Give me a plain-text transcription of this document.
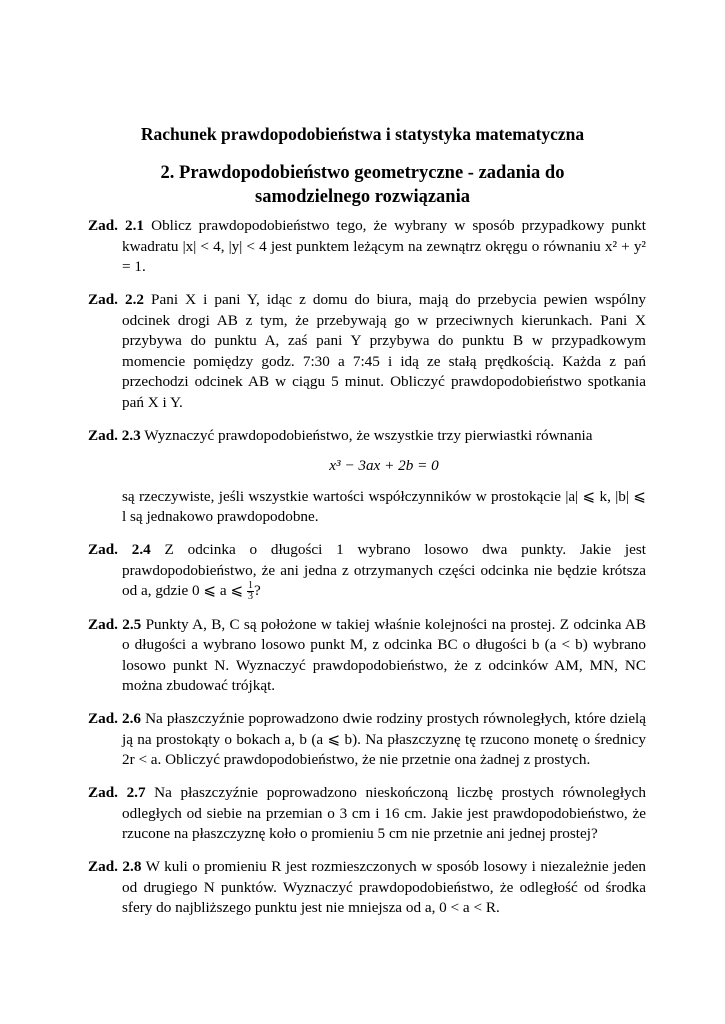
Rachunek prawdopodobieństwa i statystyka matematyczna
2. Prawdopodobieństwo geometryczne - zadania do
samodzielnego rozwiązania
Zad. 2.1 Oblicz prawdopodobieństwo tego, że wybrany w sposób przypadkowy punkt kwadratu |x| < 4, |y| < 4 jest punktem leżącym na zewnątrz okręgu o równaniu x² + y² = 1.
Zad. 2.2 Pani X i pani Y, idąc z domu do biura, mają do przebycia pewien wspólny odcinek drogi AB z tym, że przebywają go w przeciwnych kierunkach. Pani X przybywa do punktu A, zaś pani Y przybywa do punktu B w przypadkowym momencie pomiędzy godz. 7:30 a 7:45 i idą ze stałą prędkością. Każda z pań przechodzi odcinek AB w ciągu 5 minut. Obliczyć prawdopodobieństwo spotkania pań X i Y.
Zad. 2.3 Wyznaczyć prawdopodobieństwo, że wszystkie trzy pierwiastki równania
x³ − 3ax + 2b = 0
są rzeczywiste, jeśli wszystkie wartości współczynników w prostokącie |a| ⩽ k, |b| ⩽ l są jednakowo prawdopodobne.
Zad. 2.4 Z odcinka o długości 1 wybrano losowo dwa punkty. Jakie jest prawdopodobieństwo, że ani jedna z otrzymanych części odcinka nie będzie krótsza od a, gdzie 0 ⩽ a ⩽ $\frac{1}{3}$ ?
Zad. 2.5 Punkty A, B, C są położone w takiej właśnie kolejności na prostej. Z odcinka AB o długości a wybrano losowo punkt M, z odcinka BC o długości b (a < b) wybrano losowo punkt N. Wyznaczyć prawdopodobieństwo, że z odcinków AM, MN, NC można zbudować trójkąt.
Zad. 2.6 Na płaszczyźnie poprowadzono dwie rodziny prostych równoległych, które dzielą ją na prostokąty o bokach a, b (a ⩽ b). Na płaszczyznę tę rzucono monetę o średnicy 2r < a. Obliczyć prawdopodobieństwo, że nie przetnie ona żadnej z prostych.
Zad. 2.7 Na płaszczyźnie poprowadzono nieskończoną liczbę prostych równoległych odległych od siebie na przemian o 3 cm i 16 cm. Jakie jest prawdopodobieństwo, że rzucone na płaszczyznę koło o promieniu 5 cm nie przetnie ani jednej prostej?
Zad. 2.8 W kuli o promieniu R jest rozmieszczonych w sposób losowy i niezależnie jeden od drugiego N punktów. Wyznaczyć prawdopodobieństwo, że odległość od środka sfery do najbliższego punktu jest nie mniejsza od a, 0 < a < R.
